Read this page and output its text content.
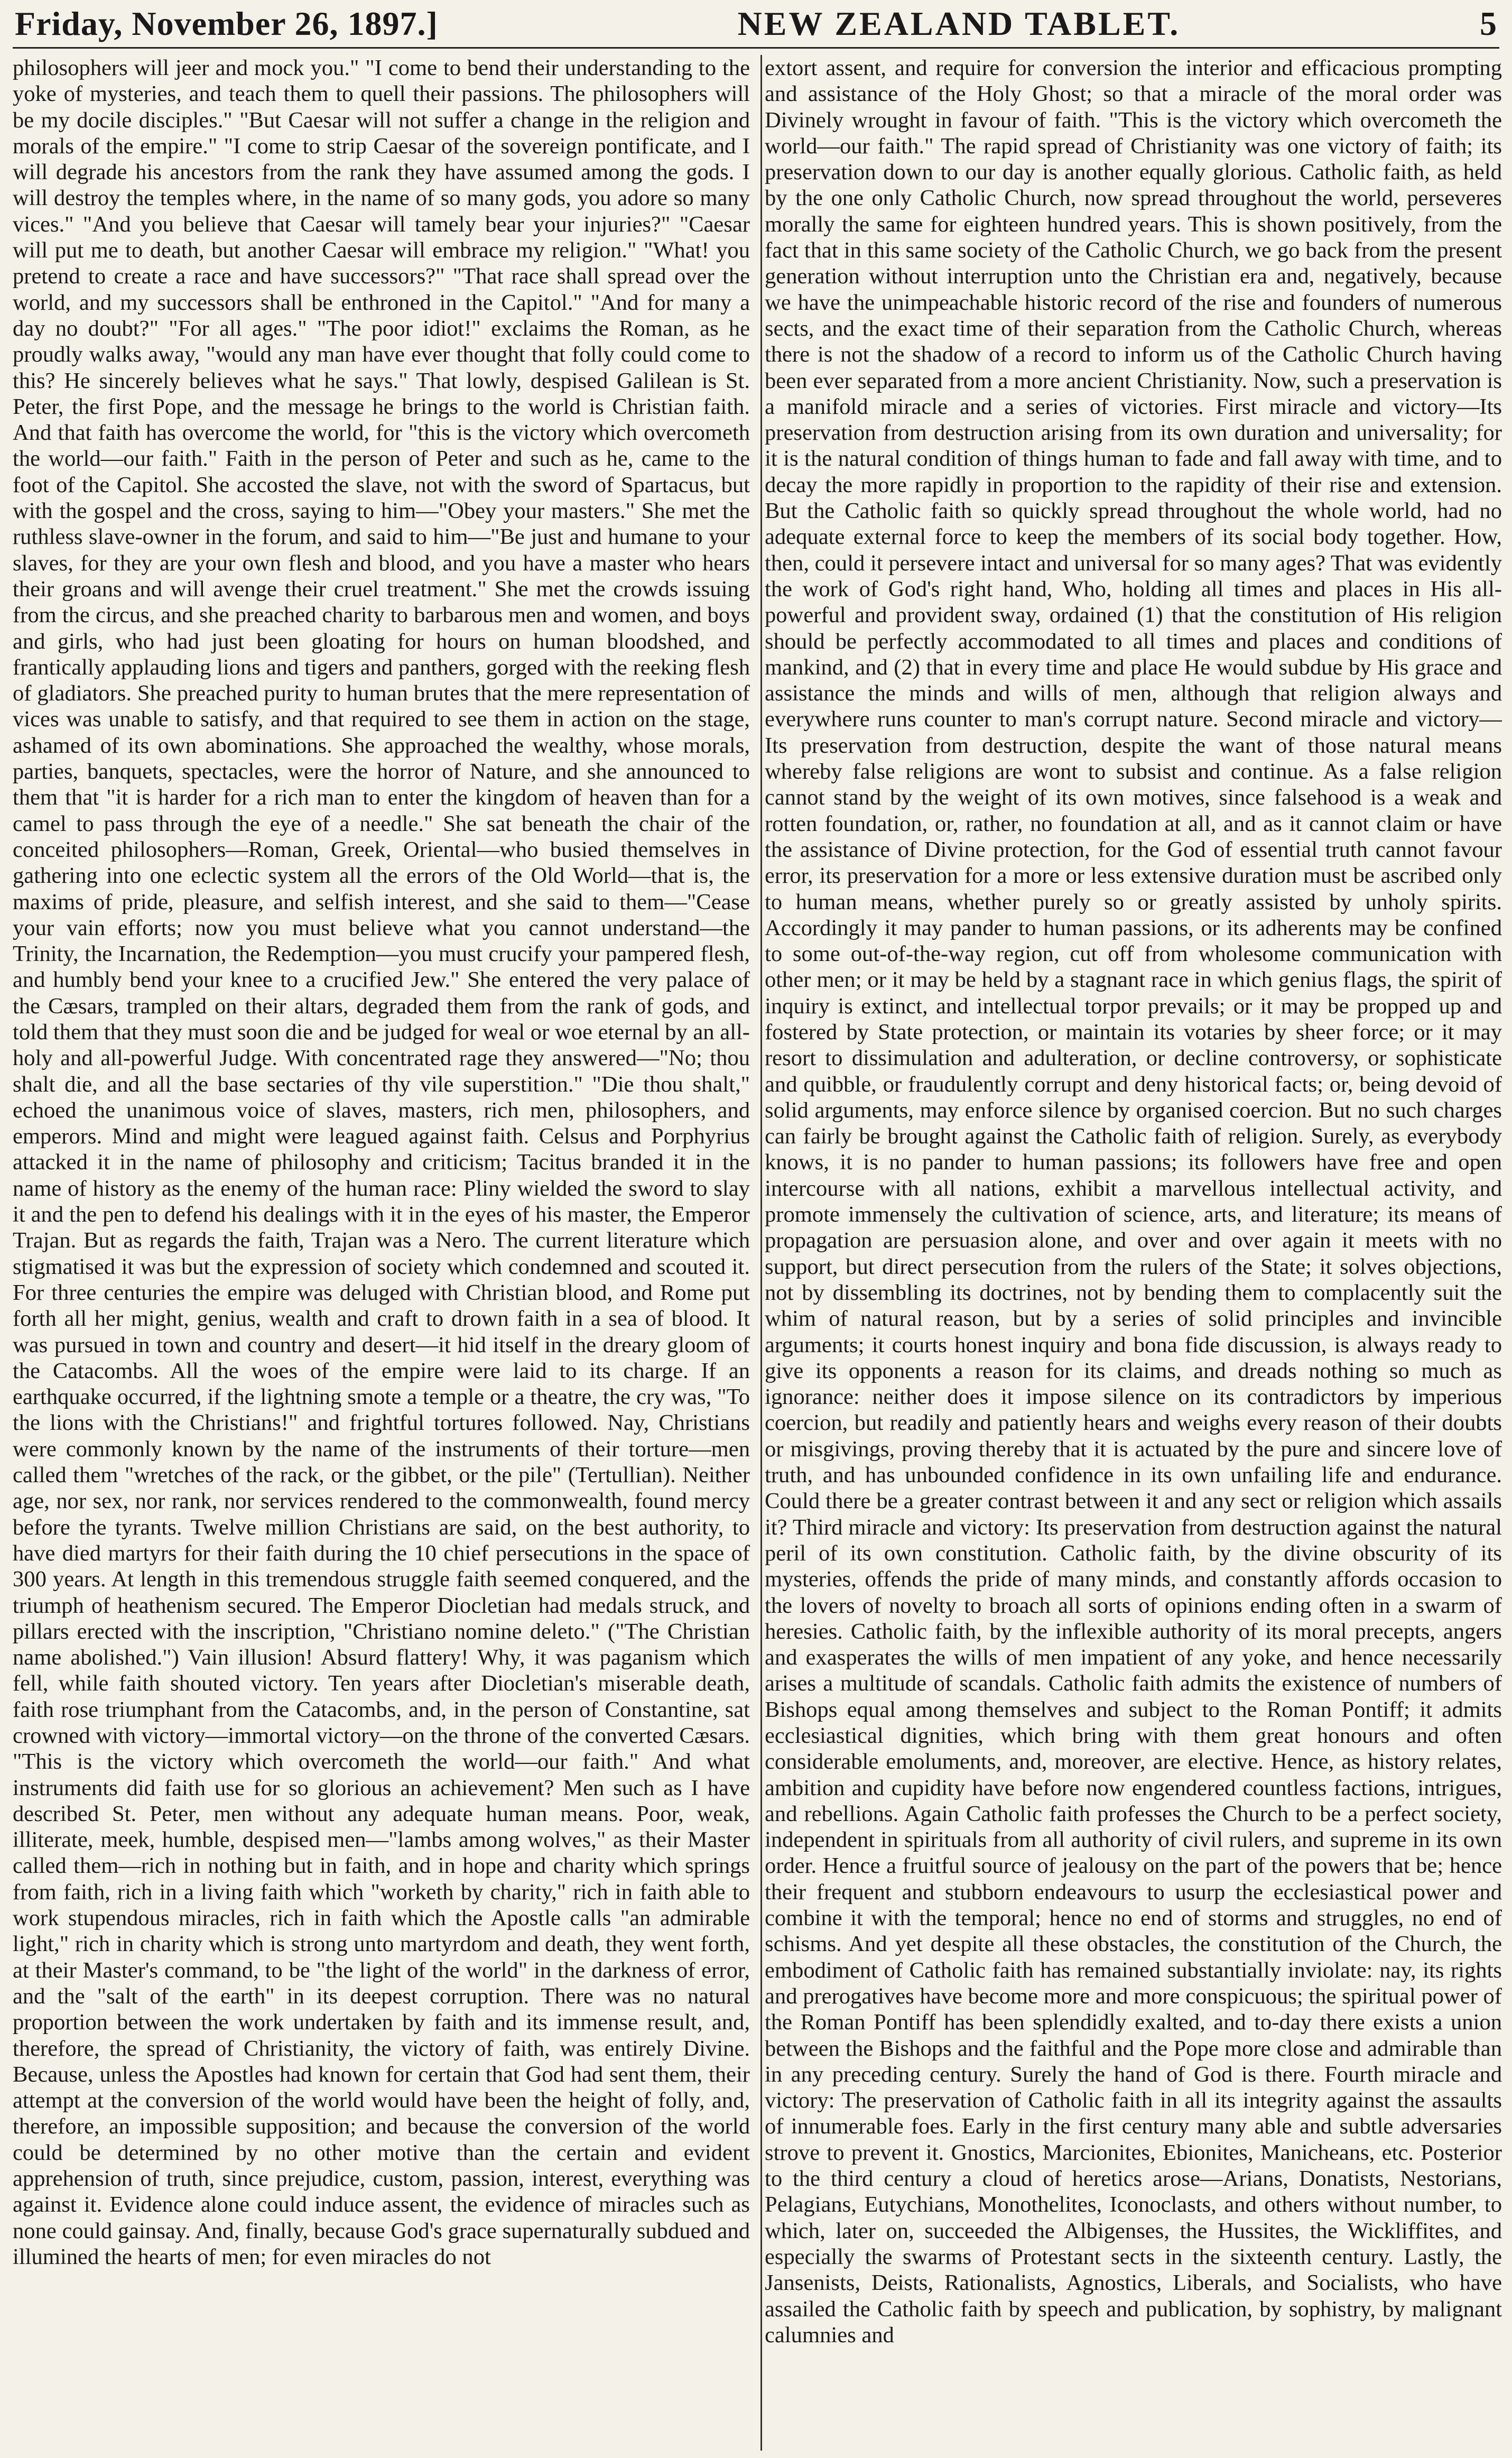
Friday, November 26, 1897.]	NEW ZEALAND TABLET.	5

philosophers will jeer and mock you." "I come to bend their understanding to the yoke of mysteries, and teach them to quell their passions. The philosophers will be my docile disciples." "But Caesar will not suffer a change in the religion and morals of the empire." "I come to strip Caesar of the sovereign pontificate, and I will degrade his ancestors from the rank they have assumed among the gods. I will destroy the temples where, in the name of so many gods, you adore so many vices." "And you believe that Caesar will tamely bear your injuries?" "Caesar will put me to death, but another Caesar will embrace my religion." "What! you pretend to create a race and have successors?" "That race shall spread over the world, and my successors shall be enthroned in the Capitol." "And for many a day no doubt?" "For all ages." "The poor idiot!" exclaims the Roman, as he proudly walks away, "would any man have ever thought that folly could come to this? He sincerely believes what he says." That lowly, despised Galilean is St. Peter, the first Pope, and the message he brings to the world is Christian faith. And that faith has overcome the world, for "this is the victory which overcometh the world—our faith." Faith in the person of Peter and such as he, came to the foot of the Capitol. She accosted the slave, not with the sword of Spartacus, but with the gospel and the cross, saying to him—"Obey your masters." She met the ruthless slave-owner in the forum, and said to him—"Be just and humane to your slaves, for they are your own flesh and blood, and you have a master who hears their groans and will avenge their cruel treatment." She met the crowds issuing from the circus, and she preached charity to barbarous men and women, and boys and girls, who had just been gloating for hours on human bloodshed, and frantically applauding lions and tigers and panthers, gorged with the reeking flesh of gladiators. She preached purity to human brutes that the mere representation of vices was unable to satisfy, and that required to see them in action on the stage, ashamed of its own abominations. She approached the wealthy, whose morals, parties, banquets, spectacles, were the horror of Nature, and she announced to them that "it is harder for a rich man to enter the kingdom of heaven than for a camel to pass through the eye of a needle." She sat beneath the chair of the conceited philosophers—Roman, Greek, Oriental—who busied themselves in gathering into one eclectic system all the errors of the Old World—that is, the maxims of pride, pleasure, and selfish interest, and she said to them—"Cease your vain efforts; now you must believe what you cannot understand—the Trinity, the Incarnation, the Redemption—you must crucify your pampered flesh, and humbly bend your knee to a crucified Jew." She entered the very palace of the Cæsars, trampled on their altars, degraded them from the rank of gods, and told them that they must soon die and be judged for weal or woe eternal by an all-holy and all-powerful Judge. With concentrated rage they answered—"No; thou shalt die, and all the base sectaries of thy vile superstition." "Die thou shalt," echoed the unanimous voice of slaves, masters, rich men, philosophers, and emperors. Mind and might were leagued against faith. Celsus and Porphyrius attacked it in the name of philosophy and criticism; Tacitus branded it in the name of history as the enemy of the human race: Pliny wielded the sword to slay it and the pen to defend his dealings with it in the eyes of his master, the Emperor Trajan. But as regards the faith, Trajan was a Nero. The current literature which stigmatised it was but the expression of society which condemned and scouted it. For three centuries the empire was deluged with Christian blood, and Rome put forth all her might, genius, wealth and craft to drown faith in a sea of blood. It was pursued in town and country and desert—it hid itself in the dreary gloom of the Catacombs. All the woes of the empire were laid to its charge. If an earthquake occurred, if the lightning smote a temple or a theatre, the cry was, "To the lions with the Christians!" and frightful tortures followed. Nay, Christians were commonly known by the name of the instruments of their torture—men called them "wretches of the rack, or the gibbet, or the pile" (Tertullian). Neither age, nor sex, nor rank, nor services rendered to the commonwealth, found mercy before the tyrants. Twelve million Christians are said, on the best authority, to have died martyrs for their faith during the 10 chief persecutions in the space of 300 years. At length in this tremendous struggle faith seemed conquered, and the triumph of heathenism secured. The Emperor Diocletian had medals struck, and pillars erected with the inscription, "Christiano nomine deleto." ("The Christian name abolished.") Vain illusion! Absurd flattery! Why, it was paganism which fell, while faith shouted victory. Ten years after Diocletian's miserable death, faith rose triumphant from the Catacombs, and, in the person of Constantine, sat crowned with victory—immortal victory—on the throne of the converted Cæsars. "This is the victory which overcometh the world—our faith." And what instruments did faith use for so glorious an achievement? Men such as I have described St. Peter, men without any adequate human means. Poor, weak, illiterate, meek, humble, despised men—"lambs among wolves," as their Master called them—rich in nothing but in faith, and in hope and charity which springs from faith, rich in a living faith which "worketh by charity," rich in faith able to work stupendous miracles, rich in faith which the Apostle calls "an admirable light," rich in charity which is strong unto martyrdom and death, they went forth, at their Master's command, to be "the light of the world" in the darkness of error, and the "salt of the earth" in its deepest corruption. There was no natural proportion between the work undertaken by faith and its immense result, and, therefore, the spread of Christianity, the victory of faith, was entirely Divine. Because, unless the Apostles had known for certain that God had sent them, their attempt at the conversion of the world would have been the height of folly, and, therefore, an impossible supposition; and because the conversion of the world could be determined by no other motive than the certain and evident apprehension of truth, since prejudice, custom, passion, interest, everything was against it. Evidence alone could induce assent, the evidence of miracles such as none could gainsay. And, finally, because God's grace supernaturally subdued and illumined the hearts of men; for even miracles do not

extort assent, and require for conversion the interior and efficacious prompting and assistance of the Holy Ghost; so that a miracle of the moral order was Divinely wrought in favour of faith. "This is the victory which overcometh the world—our faith." The rapid spread of Christianity was one victory of faith; its preservation down to our day is another equally glorious. Catholic faith, as held by the one only Catholic Church, now spread throughout the world, perseveres morally the same for eighteen hundred years. This is shown positively, from the fact that in this same society of the Catholic Church, we go back from the present generation without interruption unto the Christian era and, negatively, because we have the unimpeachable historic record of the rise and founders of numerous sects, and the exact time of their separation from the Catholic Church, whereas there is not the shadow of a record to inform us of the Catholic Church having been ever separated from a more ancient Christianity. Now, such a preservation is a manifold miracle and a series of victories. First miracle and victory—Its preservation from destruction arising from its own duration and universality; for it is the natural condition of things human to fade and fall away with time, and to decay the more rapidly in proportion to the rapidity of their rise and extension. But the Catholic faith so quickly spread throughout the whole world, had no adequate external force to keep the members of its social body together. How, then, could it persevere intact and universal for so many ages? That was evidently the work of God's right hand, Who, holding all times and places in His all-powerful and provident sway, ordained (1) that the constitution of His religion should be perfectly accommodated to all times and places and conditions of mankind, and (2) that in every time and place He would subdue by His grace and assistance the minds and wills of men, although that religion always and everywhere runs counter to man's corrupt nature. Second miracle and victory—Its preservation from destruction, despite the want of those natural means whereby false religions are wont to subsist and continue. As a false religion cannot stand by the weight of its own motives, since falsehood is a weak and rotten foundation, or, rather, no foundation at all, and as it cannot claim or have the assistance of Divine protection, for the God of essential truth cannot favour error, its preservation for a more or less extensive duration must be ascribed only to human means, whether purely so or greatly assisted by unholy spirits. Accordingly it may pander to human passions, or its adherents may be confined to some out-of-the-way region, cut off from wholesome communication with other men; or it may be held by a stagnant race in which genius flags, the spirit of inquiry is extinct, and intellectual torpor prevails; or it may be propped up and fostered by State protection, or maintain its votaries by sheer force; or it may resort to dissimulation and adulteration, or decline controversy, or sophisticate and quibble, or fraudulently corrupt and deny historical facts; or, being devoid of solid arguments, may enforce silence by organised coercion. But no such charges can fairly be brought against the Catholic faith of religion. Surely, as everybody knows, it is no pander to human passions; its followers have free and open intercourse with all nations, exhibit a marvellous intellectual activity, and promote immensely the cultivation of science, arts, and literature; its means of propagation are persuasion alone, and over and over again it meets with no support, but direct persecution from the rulers of the State; it solves objections, not by dissembling its doctrines, not by bending them to complacently suit the whim of natural reason, but by a series of solid principles and invincible arguments; it courts honest inquiry and bona fide discussion, is always ready to give its opponents a reason for its claims, and dreads nothing so much as ignorance: neither does it impose silence on its contradictors by imperious coercion, but readily and patiently hears and weighs every reason of their doubts or misgivings, proving thereby that it is actuated by the pure and sincere love of truth, and has unbounded confidence in its own unfailing life and endurance. Could there be a greater contrast between it and any sect or religion which assails it? Third miracle and victory: Its preservation from destruction against the natural peril of its own constitution. Catholic faith, by the divine obscurity of its mysteries, offends the pride of many minds, and constantly affords occasion to the lovers of novelty to broach all sorts of opinions ending often in a swarm of heresies. Catholic faith, by the inflexible authority of its moral precepts, angers and exasperates the wills of men impatient of any yoke, and hence necessarily arises a multitude of scandals. Catholic faith admits the existence of numbers of Bishops equal among themselves and subject to the Roman Pontiff; it admits ecclesiastical dignities, which bring with them great honours and often considerable emoluments, and, moreover, are elective. Hence, as history relates, ambition and cupidity have before now engendered countless factions, intrigues, and rebellions. Again Catholic faith professes the Church to be a perfect society, independent in spirituals from all authority of civil rulers, and supreme in its own order. Hence a fruitful source of jealousy on the part of the powers that be; hence their frequent and stubborn endeavours to usurp the ecclesiastical power and combine it with the temporal; hence no end of storms and struggles, no end of schisms. And yet despite all these obstacles, the constitution of the Church, the embodiment of Catholic faith has remained substantially inviolate: nay, its rights and prerogatives have become more and more conspicuous; the spiritual power of the Roman Pontiff has been splendidly exalted, and to-day there exists a union between the Bishops and the faithful and the Pope more close and admirable than in any preceding century. Surely the hand of God is there. Fourth miracle and victory: The preservation of Catholic faith in all its integrity against the assaults of innumerable foes. Early in the first century many able and subtle adversaries strove to prevent it. Gnostics, Marcionites, Ebionites, Manicheans, etc. Posterior to the third century a cloud of heretics arose—Arians, Donatists, Nestorians, Pelagians, Eutychians, Monothelites, Iconoclasts, and others without number, to which, later on, succeeded the Albigenses, the Hussites, the Wickliffites, and especially the swarms of Protestant sects in the sixteenth century. Lastly, the Jansenists, Deists, Rationalists, Agnostics, Liberals, and Socialists, who have assailed the Catholic faith by speech and publication, by sophistry, by malignant calumnies and
